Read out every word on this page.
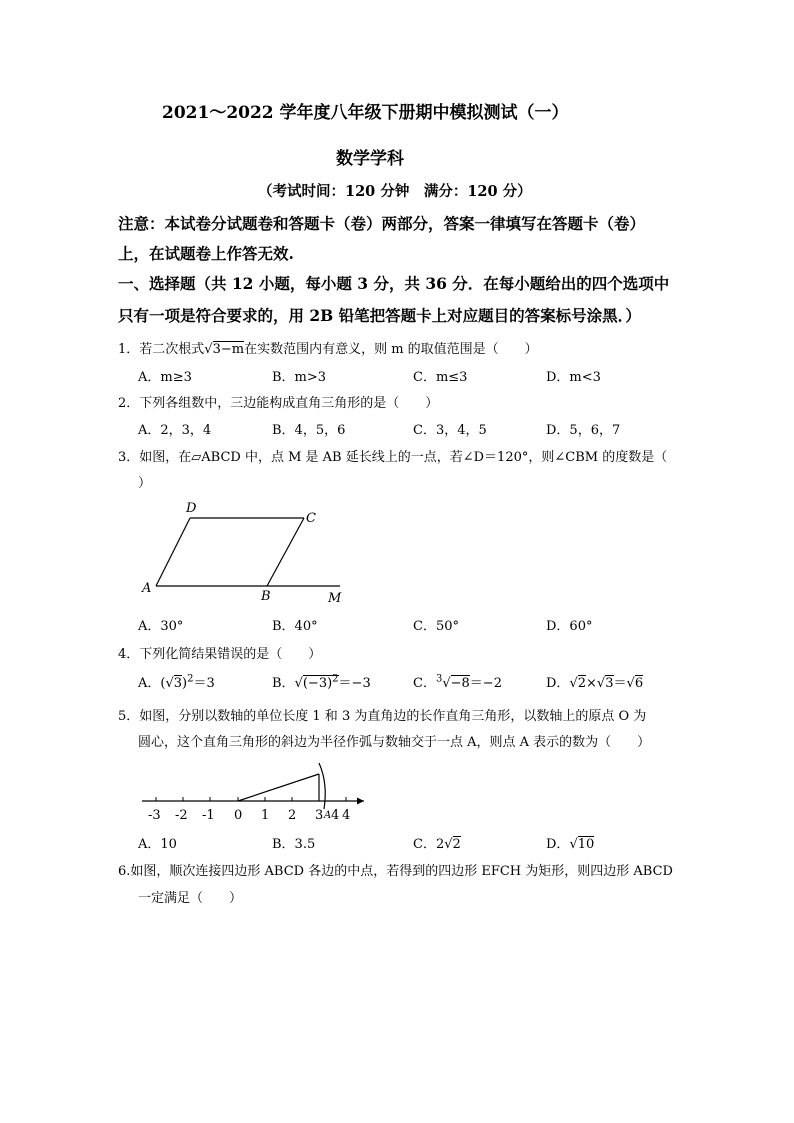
2021～2022 学年度八年级下册期中模拟测试（一）
数学学科
（考试时间：120 分钟　满分：120 分）
注意：本试卷分试题卷和答题卡（卷）两部分，答案一律填写在答题卡（卷）
上，在试题卷上作答无效.
一、选择题（共 12 小题，每小题 3 分，共 36 分．在每小题给出的四个选项中
只有一项是符合要求的，用 2B 铅笔把答题卡上对应题目的答案标号涂黑．）
1．若二次根式√3−m在实数范围内有意义，则 m 的取值范围是（　　）
A．m≥3	B．m>3	C．m≤3	D．m<3
2．下列各组数中，三边能构成直角三角形的是（　　）
A．2，3，4	B．4，5，6	C．3，4，5	D．5，6，7
3．如图，在▱ABCD 中，点 M 是 AB 延长线上的一点，若∠D＝120°，则∠CBM 的度数是（
）
D
C
A
B	M
A．30°	B．40°	C．50°	D．60°
4．下列化简结果错误的是（　　）
A．$(√3)^2=3$	B．$√(-3)^2=-3$	C．$^3$√−8＝−2	D．√2×√3＝√6
5．如图，分别以数轴的单位长度 1 和 3 为直角边的长作直角三角形，以数轴上的原点 O 为
圆心，这个直角三角形的斜边为半径作弧与数轴交于一点 A，则点 A 表示的数为（　　）
-3 -2 -1 0 1 2 3 A 4 4
A．10	B．3.5	C．2√2	D．√10
6.如图，顺次连接四边形 ABCD 各边的中点，若得到的四边形 EFCH 为矩形，则四边形 ABCD
一定满足（　　）
